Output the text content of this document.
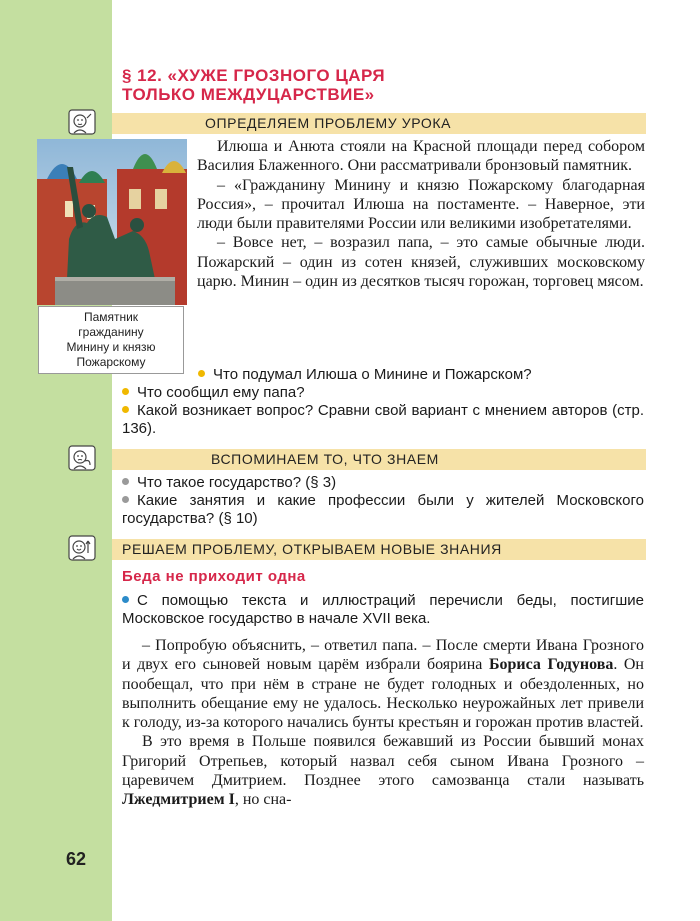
§ 12. «ХУЖЕ ГРОЗНОГО ЦАРЯ
ТОЛЬКО МЕЖДУЦАРСТВИЕ»
ОПРЕДЕЛЯЕМ ПРОБЛЕМУ УРОКА
Памятник
гражданину
Минину и князю
Пожарскому

Илюша и Анюта стояли на Красной площади перед собором Василия Блаженного. Они рассматривали бронзовый памятник.

– «Гражданину Минину и князю Пожарскому благодарная Россия», – прочитал Илюша на постаменте. – Наверное, эти люди были правителями России или великими изобретателями.

– Вовсе нет, – возразил папа, – это самые обычные люди. Пожарский – один из сотен князей, служивших московскому царю. Минин – один из десятков тысяч горожан, торговец мясом.

Что подумал Илюша о Минине и Пожарском?

Что сообщил ему папа?

Какой возникает вопрос? Сравни свой вариант с мнением авторов (стр. 136).

ВСПОМИНАЕМ ТО, ЧТО ЗНАЕМ

Что такое государство? (§ 3)

Какие занятия и какие профессии были у жителей Московского государства? (§ 10)

РЕШАЕМ ПРОБЛЕМУ, ОТКРЫВАЕМ НОВЫЕ ЗНАНИЯ
Беда не приходит одна

С помощью текста и иллюстраций перечисли беды, постигшие Московское государство в начале XVII века.

– Попробую объяснить, – ответил папа. – После смерти Ивана Грозного и двух его сыновей новым царём избрали боярина Бориса Годунова. Он пообещал, что при нём в стране не будет голодных и обездоленных, но выполнить обещание ему не удалось. Несколько неурожайных лет привели к голоду, из-за которого начались бунты крестьян и горожан против властей.

В это время в Польше появился бежавший из России бывший монах Григорий Отрепьев, который назвал себя сыном Ивана Грозного – царевичем Дмитрием. Позднее этого самозванца стали называть Лжедмитрием I, но сна-

62
